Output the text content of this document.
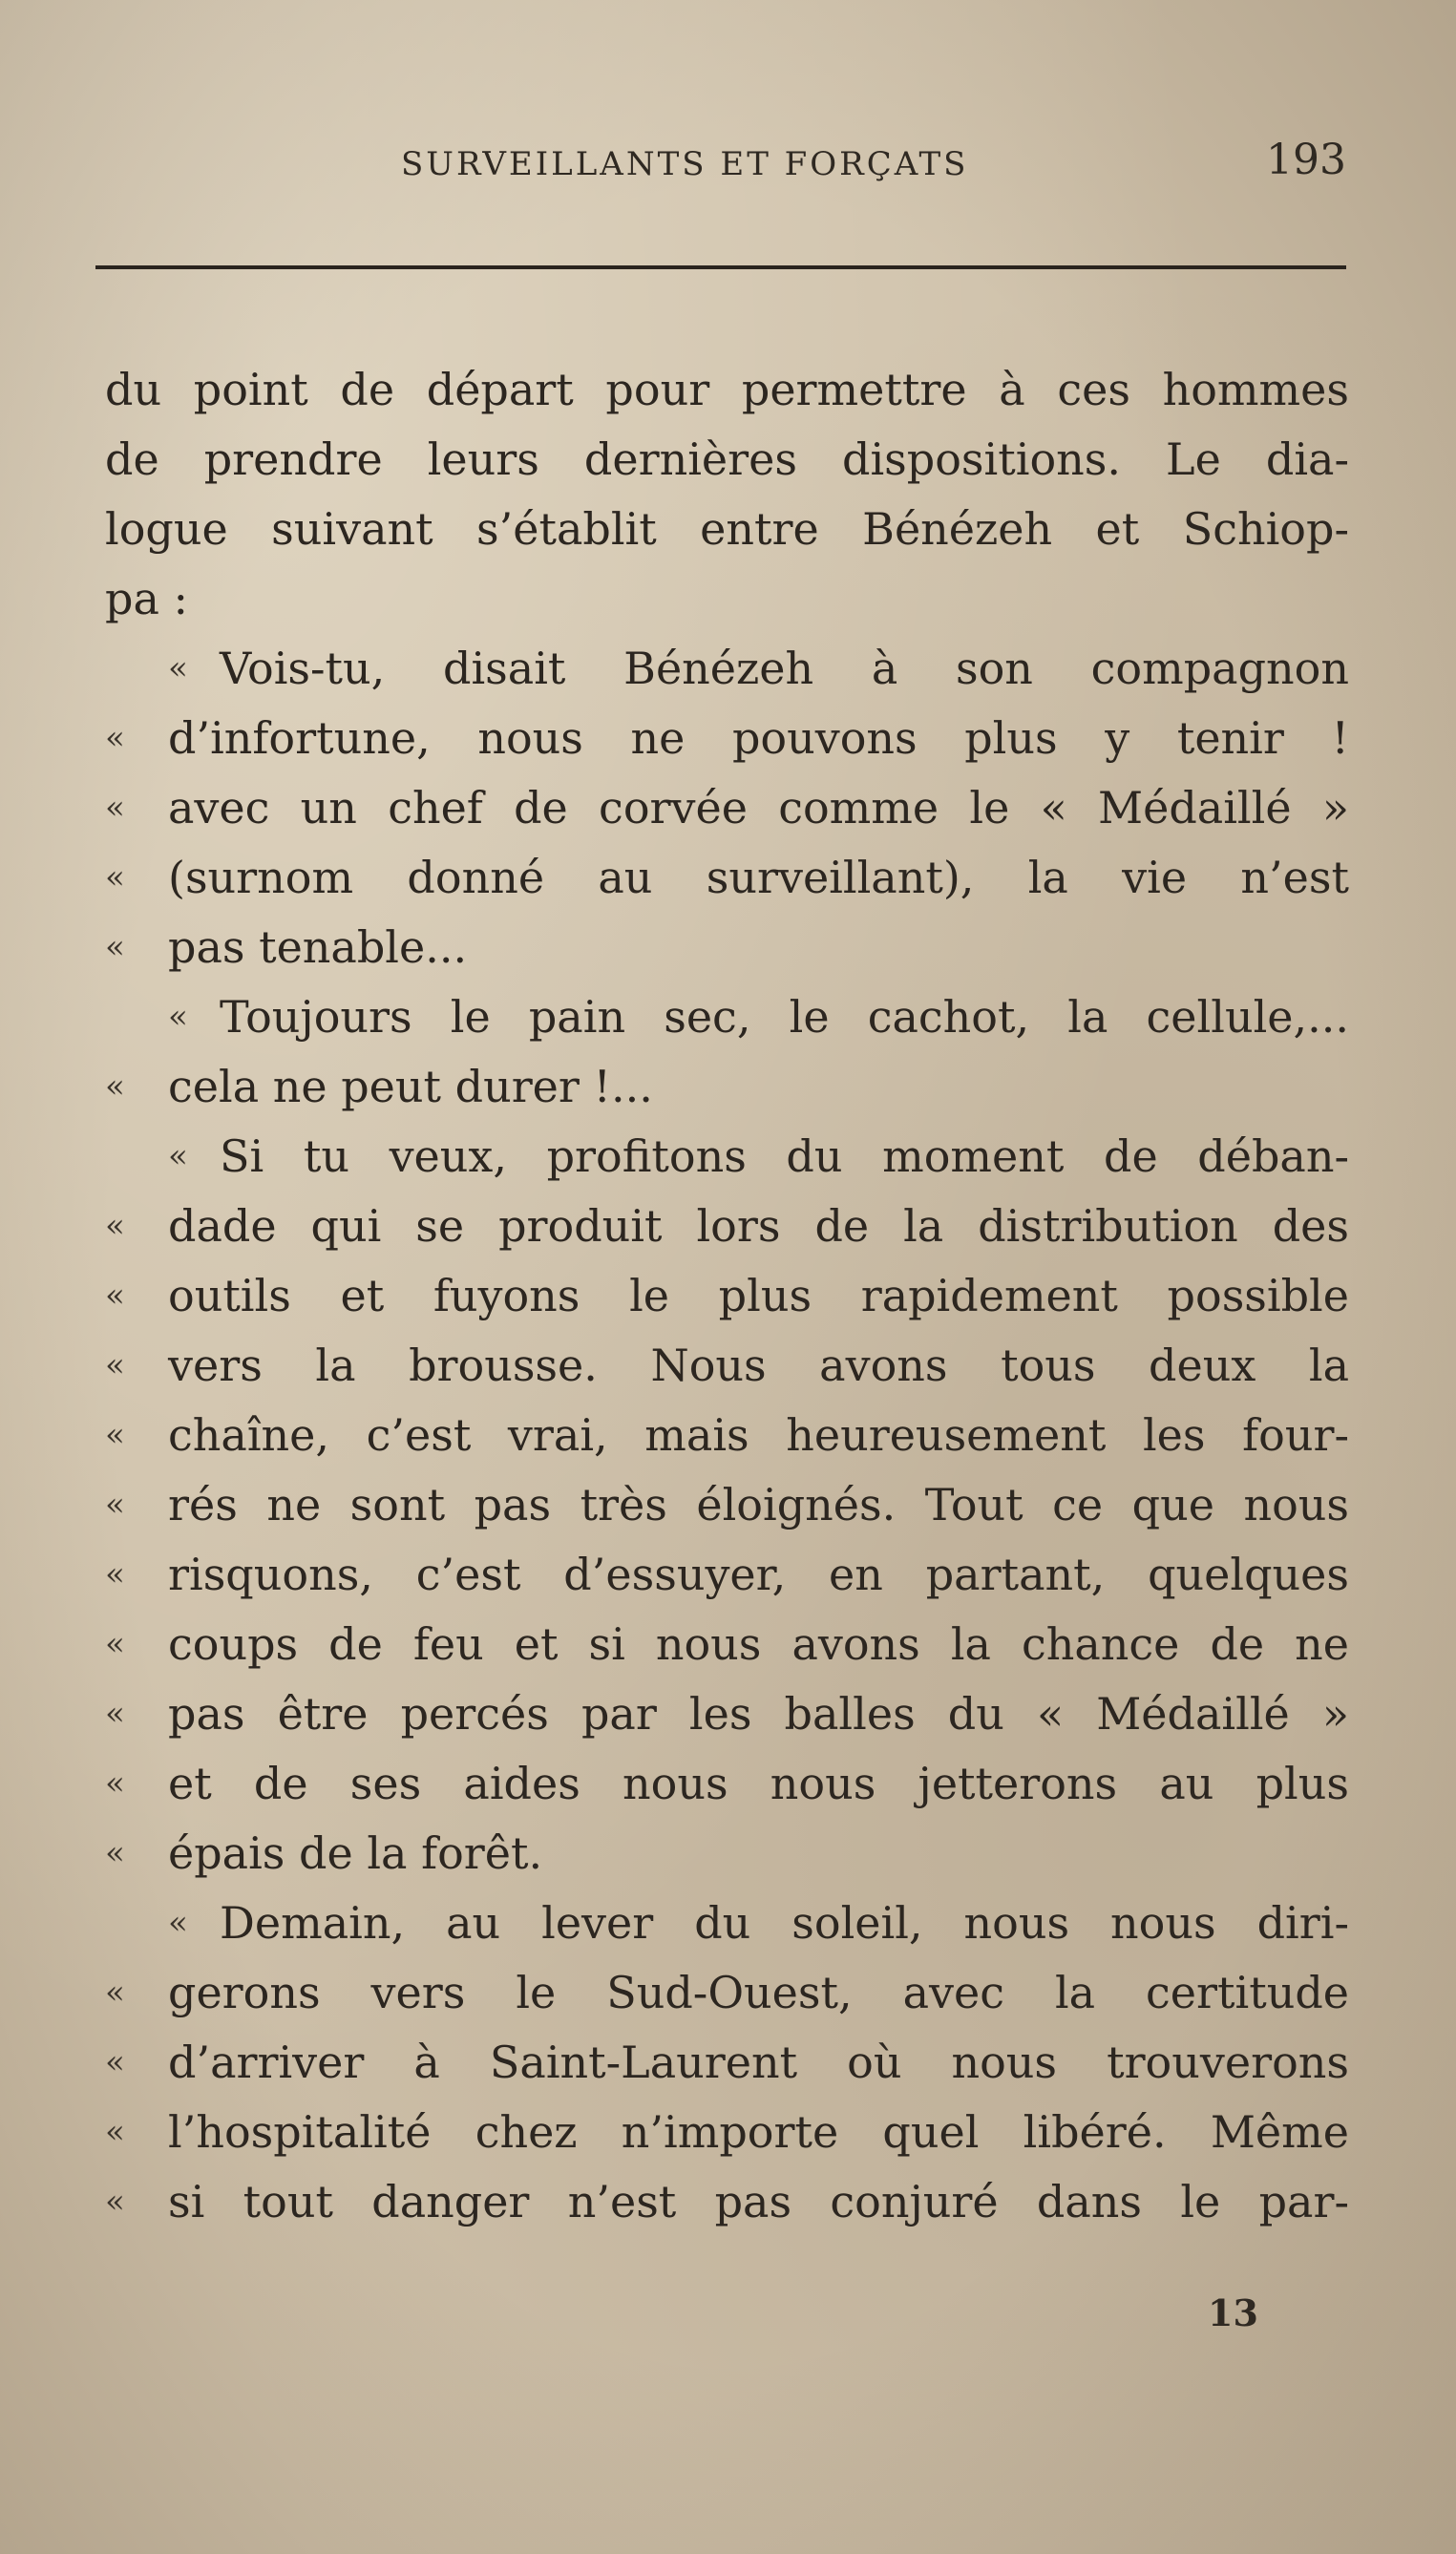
SURVEILLANTS ET FORÇATS	193
du point de départ pour permettre à ces hommes
de prendre leurs dernières dispositions. Le dia-
logue suivant s’établit entre Bénézeh et Schiop-
pa :
« Vois-tu, disait Bénézeh à son compagnon
« d’infortune, nous ne pouvons plus y tenir !
« avec un chef de corvée comme le « Médaillé »
« (surnom donné au surveillant), la vie n’est
« pas tenable...
« Toujours le pain sec, le cachot, la cellule,...
« cela ne peut durer !...
« Si tu veux, profitons du moment de déban-
« dade qui se produit lors de la distribution des
« outils et fuyons le plus rapidement possible
« vers la brousse. Nous avons tous deux la
« chaîne, c’est vrai, mais heureusement les four-
« rés ne sont pas très éloignés. Tout ce que nous
« risquons, c’est d’essuyer, en partant, quelques
« coups de feu et si nous avons la chance de ne
« pas être percés par les balles du « Médaillé »
« et de ses aides nous nous jetterons au plus
« épais de la forêt.
« Demain, au lever du soleil, nous nous diri-
« gerons vers le Sud-Ouest, avec la certitude
« d’arriver à Saint-Laurent où nous trouverons
« l’hospitalité chez n’importe quel libéré. Même
« si tout danger n’est pas conjuré dans le par-
13
